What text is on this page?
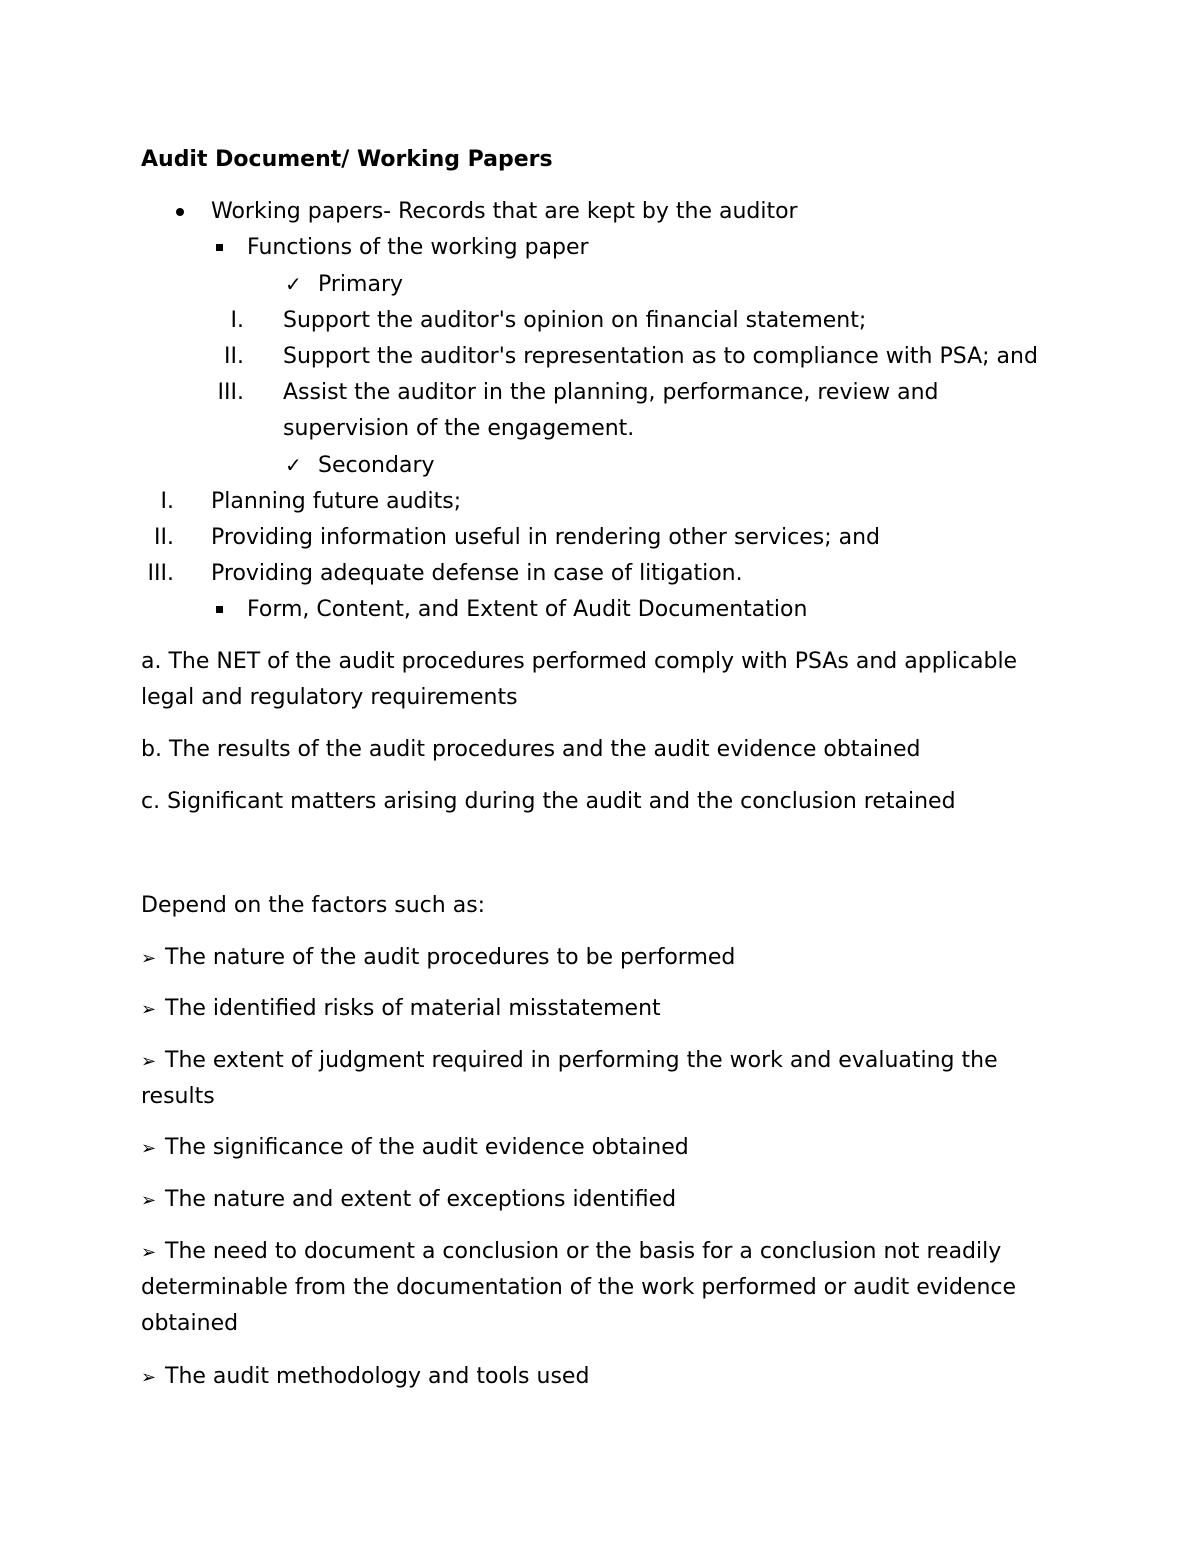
Audit Document/ Working Papers
Working papers- Records that are kept by the auditor
Functions of the working paper
✓ Primary
I. Support the auditor's opinion on financial statement;
II. Support the auditor's representation as to compliance with PSA; and
III. Assist the auditor in the planning, performance, review and
supervision of the engagement.
✓ Secondary
I. Planning future audits;
II. Providing information useful in rendering other services; and
III. Providing adequate defense in case of litigation.
Form, Content, and Extent of Audit Documentation
a. The NET of the audit procedures performed comply with PSAs and applicable
legal and regulatory requirements
b. The results of the audit procedures and the audit evidence obtained
c. Significant matters arising during the audit and the conclusion retained
Depend on the factors such as:
➢ The nature of the audit procedures to be performed
➢ The identified risks of material misstatement
➢ The extent of judgment required in performing the work and evaluating the
results
➢ The significance of the audit evidence obtained
➢ The nature and extent of exceptions identified
➢ The need to document a conclusion or the basis for a conclusion not readily
determinable from the documentation of the work performed or audit evidence
obtained
➢ The audit methodology and tools used
